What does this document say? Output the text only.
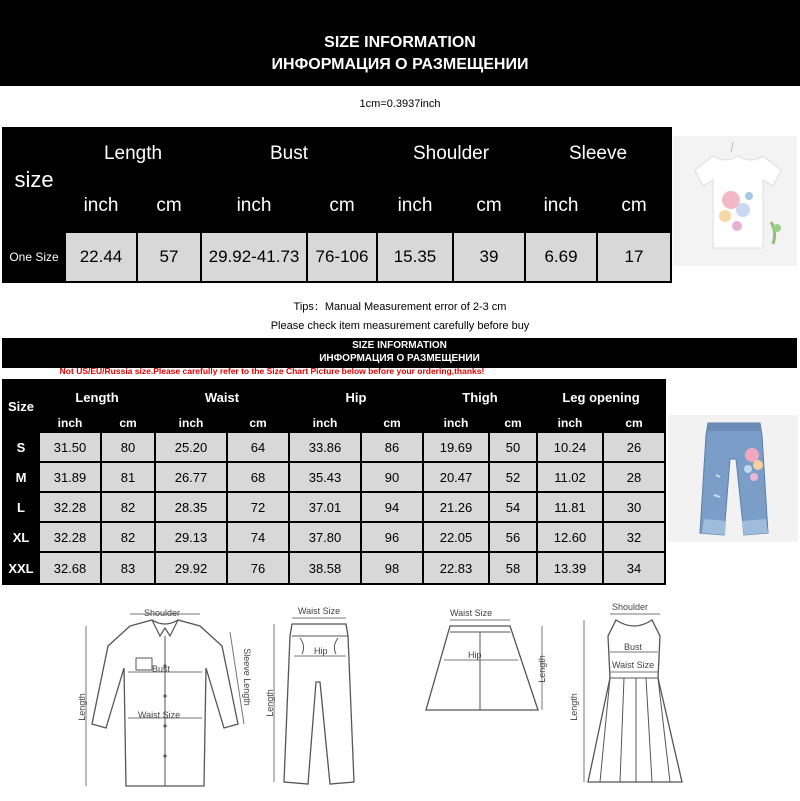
SIZE INFORMATION
ИНФОРМАЦИЯ О РАЗМЕЩЕНИИ
1cm=0.3937inch
size
Length	Bust	Shoulder	Sleeve
inch	cm	inch	cm	inch	cm	inch	cm
One Size	22.44	57	29.92-41.73 76-106	15.35	39	6.69	17
Tips：Manual Measurement error of 2-3 cm
Please check item measurement carefully before buy
SIZE INFORMATION
ИНФОРМАЦИЯ О РАЗМЕЩЕНИИ
Not US/EU/Russia size.Please carefully refer to the Size Chart Picture below before your ordering,thanks!
Size
Length	Waist	Hip	Thigh	Leg opening
inch	cm	inch	cm	inch	cm	inch	cm	inch	cm
S	31.50	80	25.20	64	33.86	86	19.69	50	10.24	26
M	31.89	81	26.77	68	35.43	90	20.47	52	11.02	28
L	32.28	82	28.35	72	37.01	94	21.26	54	11.81	30
XL	32.28	82	29.13	74	37.80	96	22.05	56	12.60	32
XXL	32.68	83	29.92	76	38.58	98	22.83	58	13.39	34
Shoulder
Bust
Waist Size
Length
Sleeve Length
Waist Size
Hip
Length
Waist Size
Hip
Length
Shoulder
Bust
Waist Size
Length
